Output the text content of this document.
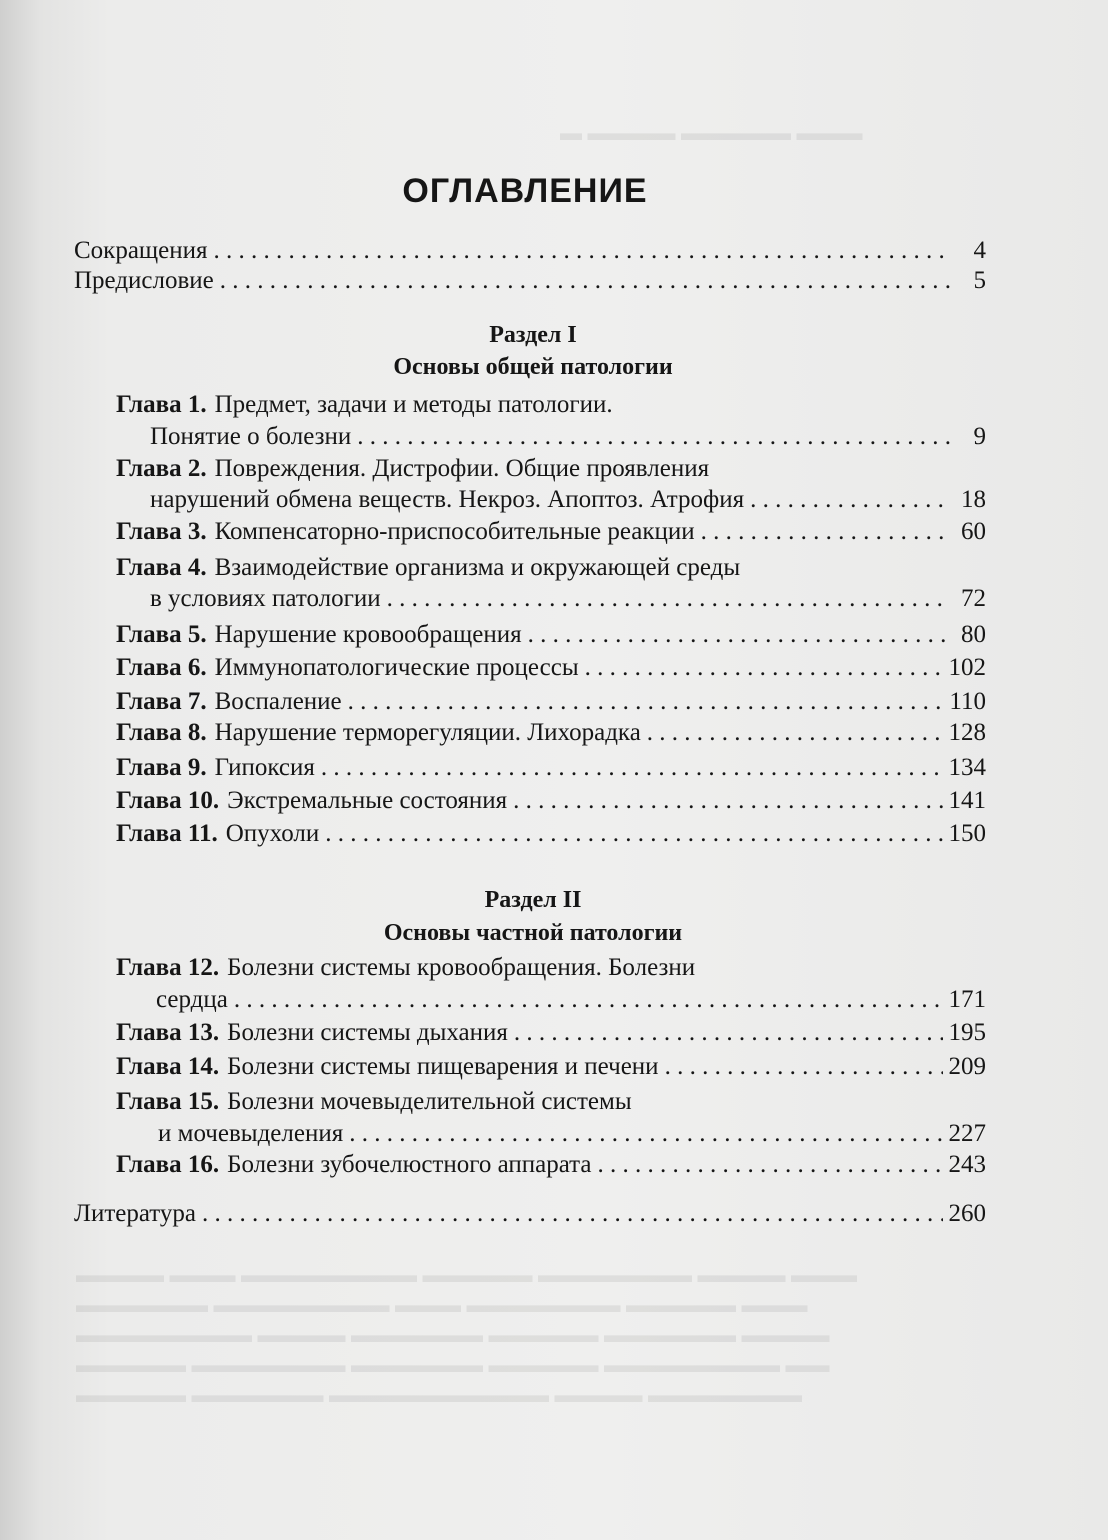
▬ ▬▬▬▬ ▬▬▬▬▬ ▬▬▬
▬▬▬▬ ▬▬▬ ▬▬▬▬▬▬▬▬ ▬▬▬▬▬ ▬▬▬▬▬▬▬ ▬▬▬▬ ▬▬▬
▬▬▬▬▬▬ ▬▬▬▬▬▬▬▬ ▬▬▬ ▬▬▬▬▬▬▬ ▬▬▬▬▬ ▬▬▬
▬▬▬▬▬▬▬▬ ▬▬▬▬ ▬▬▬▬▬▬ ▬▬▬▬▬ ▬▬▬▬▬▬ ▬▬▬▬
▬▬▬▬▬ ▬▬▬▬▬▬▬ ▬▬▬▬▬▬ ▬▬▬▬▬ ▬▬▬▬▬▬▬▬ ▬▬
▬▬▬▬▬ ▬▬▬▬▬▬ ▬▬▬▬▬▬▬▬▬▬ ▬▬▬▬ ▬▬▬▬▬▬▬
ОГЛАВЛЕНИЕ
Сокращения . . .	4
Предисловие . . .	5
Раздел I
Основы общей патологии
Глава 1. Предмет, задачи и методы патологии.
Понятие о болезни . . .	9
Глава 2. Повреждения. Дистрофии. Общие проявления
нарушений обмена веществ. Некроз. Апоптоз. Атрофия . . .	18
Глава 3. Компенсаторно-приспособительные реакции . . .	60
Глава 4. Взаимодействие организма и окружающей среды
в условиях патологии . . .	72
Глава 5. Нарушение кровообращения . . .	80
Глава 6. Иммунопатологические процессы . . .	102
Глава 7. Воспаление . . .	110
Глава 8. Нарушение терморегуляции. Лихорадка . . .	128
Глава 9. Гипоксия . . .	134
Глава 10. Экстремальные состояния . . .	141
Глава 11. Опухоли . . .	150
Раздел II
Основы частной патологии
Глава 12. Болезни системы кровообращения. Болезни
сердца . . .	171
Глава 13. Болезни системы дыхания . . .	195
Глава 14. Болезни системы пищеварения и печени . . .	209
Глава 15. Болезни мочевыделительной системы
и мочевыделения . . .	227
Глава 16. Болезни зубочелюстного аппарата . . .	243
Литература . . .	260
